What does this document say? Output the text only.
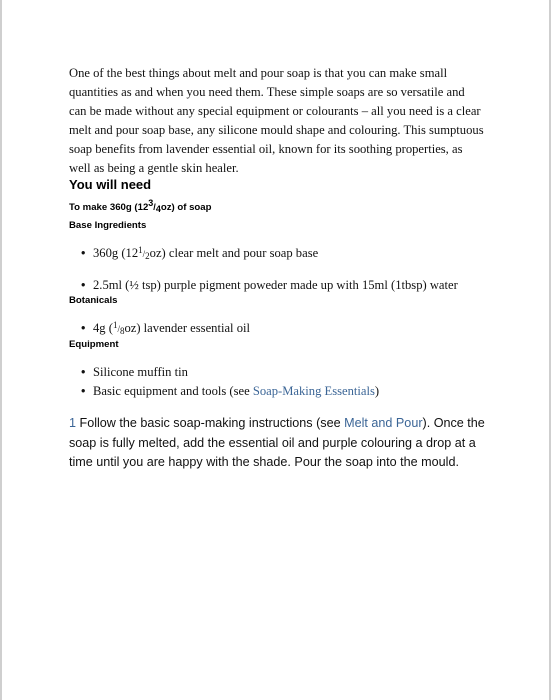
One of the best things about melt and pour soap is that you can make small quantities as and when you need them. These simple soaps are so versatile and can be made without any special equipment or colourants – all you need is a clear melt and pour soap base, any silicone mould shape and colouring. This sumptuous soap benefits from lavender essential oil, known for its soothing properties, as well as being a gentle skin healer.

You will need

To make 360g (123/4oz) of soap

Base Ingredients

• 360g (121/2oz) clear melt and pour soap base

• 2.5ml (½ tsp) purple pigment poweder made up with 15ml (1tbsp) water

Botanicals

• 4g (1/8oz) lavender essential oil

Equipment

• Silicone muffin tin

• Basic equipment and tools (see Soap-Making Essentials)

1 Follow the basic soap-making instructions (see Melt and Pour). Once the soap is fully melted, add the essential oil and purple colouring a drop at a time until you are happy with the shade. Pour the soap into the mould.
